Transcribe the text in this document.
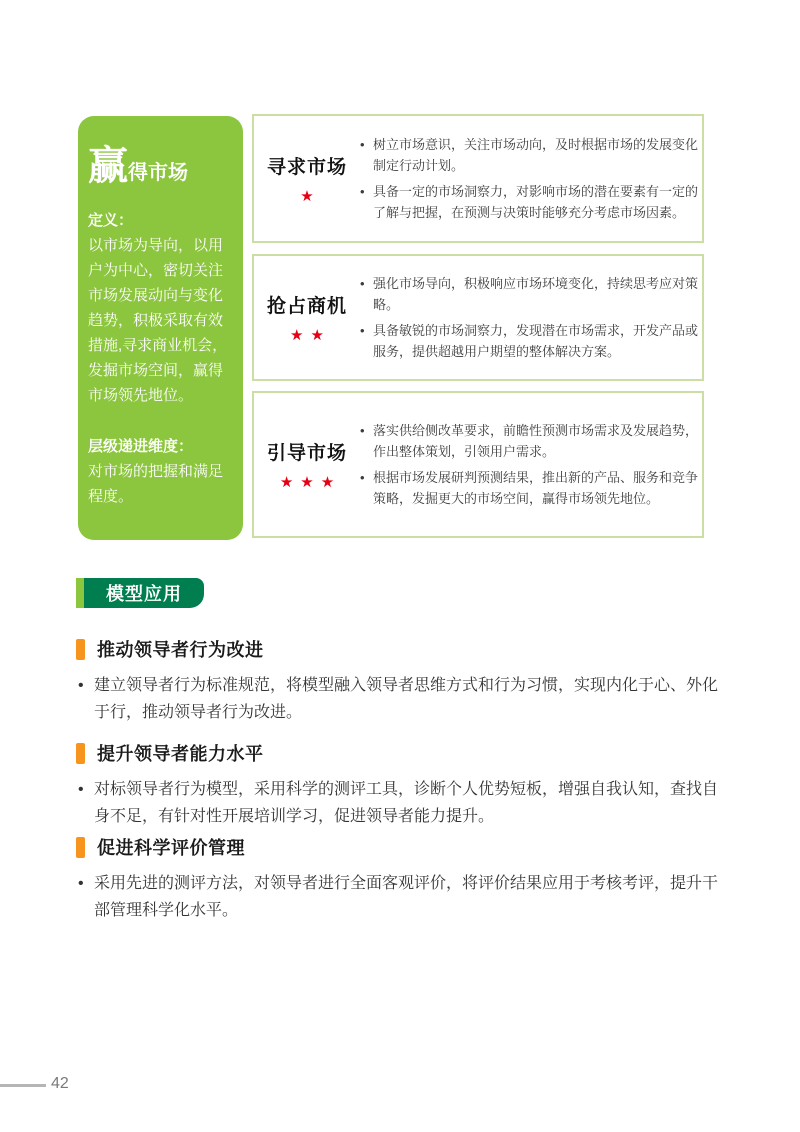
赢 得市场
定义：
以市场为导向，以用户为中心，密切关注市场发展动向与变化趋势，积极采取有效措施,寻求商业机会，发掘市场空间，赢得市场领先地位。
层级递进维度：
对市场的把握和满足程度。
寻求市场
★
• 树立市场意识，关注市场动向，及时根据市场的发展变化制定行动计划。
• 具备一定的市场洞察力，对影响市场的潜在要素有一定的了解与把握，在预测与决策时能够充分考虑市场因素。
抢占商机
★★
• 强化市场导向，积极响应市场环境变化，持续思考应对策略。
• 具备敏锐的市场洞察力，发现潜在市场需求，开发产品或服务，提供超越用户期望的整体解决方案。
引导市场
★★★
• 落实供给侧改革要求，前瞻性预测市场需求及发展趋势，作出整体策划，引领用户需求。
• 根据市场发展研判预测结果，推出新的产品、服务和竞争策略，发掘更大的市场空间，赢得市场领先地位。
模型应用
推动领导者行为改进
• 建立领导者行为标准规范，将模型融入领导者思维方式和行为习惯，实现内化于心、外化于行，推动领导者行为改进。
提升领导者能力水平
• 对标领导者行为模型，采用科学的测评工具，诊断个人优势短板，增强自我认知，查找自身不足，有针对性开展培训学习，促进领导者能力提升。
促进科学评价管理
• 采用先进的测评方法，对领导者进行全面客观评价，将评价结果应用于考核考评，提升干部管理科学化水平。
42
